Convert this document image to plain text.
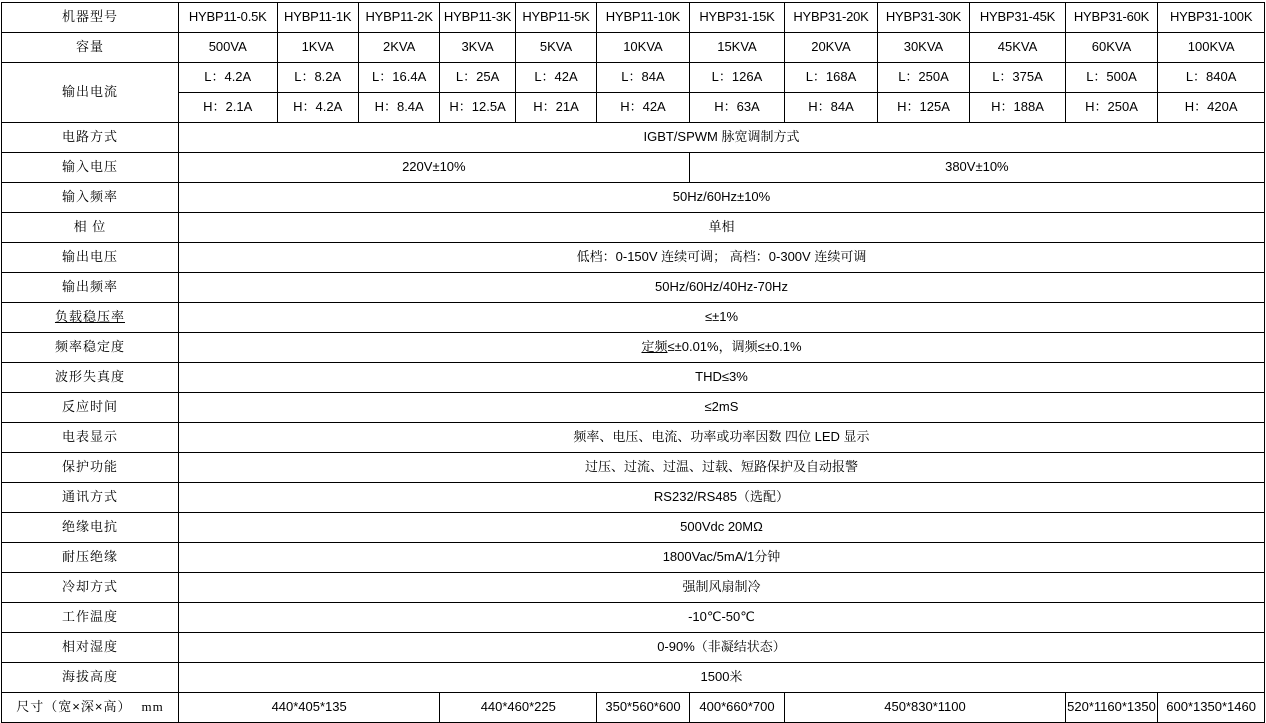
机器型号	HYBP11-0.5K	HYBP11-1K	HYBP11-2K	HYBP11-3K	HYBP11-5K	HYBP11-10K	HYBP31-15K	HYBP31-20K	HYBP31-30K	HYBP31-45K	HYBP31-60K	HYBP31-100K
容量	500VA	1KVA	2KVA	3KVA	5KVA	10KVA	15KVA	20KVA	30KVA	45KVA	60KVA	100KVA
输出电流	L：4.2A	L：8.2A	L：16.4A	L：25A	L：42A	L：84A	L：126A	L：168A	L：250A	L：375A	L：500A	L：840A
	H：2.1A	H：4.2A	H：8.4A	H：12.5A	H：21A	H：42A	H：63A	H：84A	H：125A	H：188A	H：250A	H：420A
电路方式	IGBT/SPWM 脉宽调制方式											
输入电压	220V±10%						380V±10%					
输入频率	50Hz/60Hz±10%											
相 位	单相											
输出电压	低档：0-150V 连续可调； 高档：0-300V 连续可调											
输出频率	50Hz/60Hz/40Hz-70Hz											
负载稳压率	≤±1%											
频率稳定度	定频≤±0.01%，调频≤±0.1%											
波形失真度	THD≤3%											
反应时间	≤2mS											
电表显示	频率、电压、电流、功率或功率因数 四位 LED 显示											
保护功能	过压、过流、过温、过载、短路保护及自动报警											
通讯方式	RS232/RS485（选配）											
绝缘电抗	500Vdc 20MΩ											
耐压绝缘	1800Vac/5mA/1分钟											
冷却方式	强制风扇制冷											
工作温度	-10℃-50℃											
相对湿度	0-90%（非凝结状态）											
海拔高度	1500米											
尺寸（宽×深×高） mm	440*405*135			440*460*225		350*560*600	400*660*700	450*830*1100			520*1160*1350	600*1350*1460
